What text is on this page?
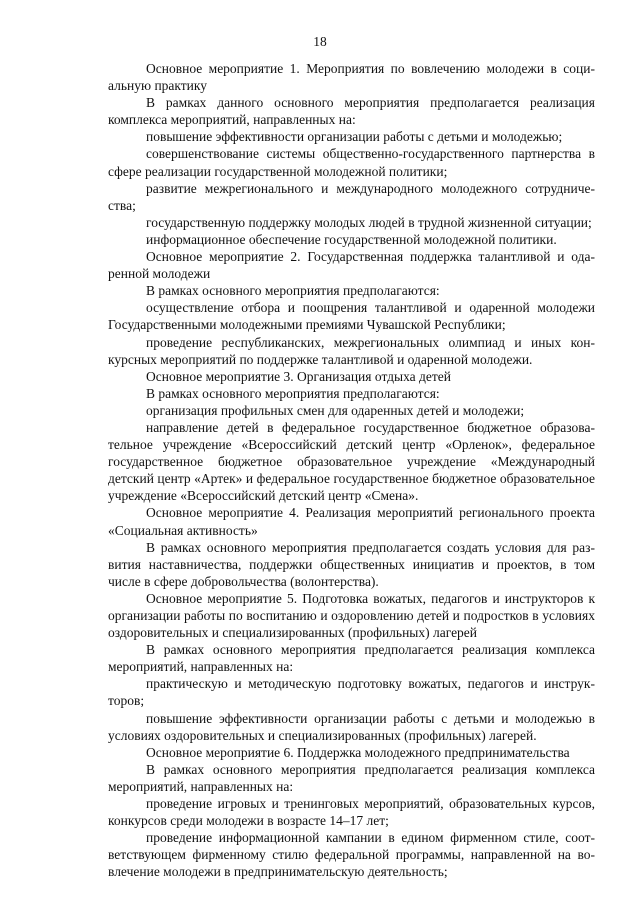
18

Основное мероприятие 1. Мероприятия по вовлечению молодежи в социальную практику

В рамках данного основного мероприятия предполагается реализация комплекса мероприятий, направленных на:

повышение эффективности организации работы с детьми и молодежью;

совершенствование системы общественно-государственного партнерства в сфере реализации государственной молодежной политики;

развитие межрегионального и международного молодежного сотрудничества;

государственную поддержку молодых людей в трудной жизненной ситуации;

информационное обеспечение государственной молодежной политики.

Основное мероприятие 2. Государственная поддержка талантливой и одаренной молодежи

В рамках основного мероприятия предполагаются:

осуществление отбора и поощрения талантливой и одаренной молодежи Государственными молодежными премиями Чувашской Республики;

проведение республиканских, межрегиональных олимпиад и иных конкурсных мероприятий по поддержке талантливой и одаренной молодежи.

Основное мероприятие 3. Организация отдыха детей

В рамках основного мероприятия предполагаются:

организация профильных смен для одаренных детей и молодежи;

направление детей в федеральное государственное бюджетное образовательное учреждение «Всероссийский детский центр «Орленок», федеральное государственное бюджетное образовательное учреждение «Международный детский центр «Артек» и федеральное государственное бюджетное образовательное учреждение «Всероссийский детский центр «Смена».

Основное мероприятие 4. Реализация мероприятий регионального проекта «Социальная активность»

В рамках основного мероприятия предполагается создать условия для развития наставничества, поддержки общественных инициатив и проектов, в том числе в сфере добровольчества (волонтерства).

Основное мероприятие 5. Подготовка вожатых, педагогов и инструкторов к организации работы по воспитанию и оздоровлению детей и подростков в условиях оздоровительных и специализированных (профильных) лагерей

В рамках основного мероприятия предполагается реализация комплекса мероприятий, направленных на:

практическую и методическую подготовку вожатых, педагогов и инструкторов;

повышение эффективности организации работы с детьми и молодежью в условиях оздоровительных и специализированных (профильных) лагерей.

Основное мероприятие 6. Поддержка молодежного предпринимательства

В рамках основного мероприятия предполагается реализация комплекса мероприятий, направленных на:

проведение игровых и тренинговых мероприятий, образовательных курсов, конкурсов среди молодежи в возрасте 14–17 лет;

проведение информационной кампании в едином фирменном стиле, соответствующем фирменному стилю федеральной программы, направленной на вовлечение молодежи в предпринимательскую деятельность;
